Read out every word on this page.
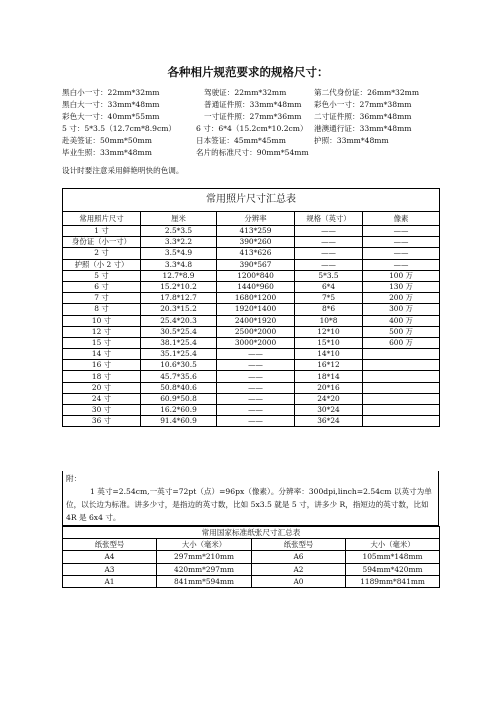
各种相片规范要求的规格尺寸：
黑白小一寸：22mm*32mm	驾驶证：22mm*32mm	第二代身份证：26mm*32mm
黑白大一寸：33mm*48mm	普通证件照：33mm*48mm 彩色小一寸：27mm*38mm
彩色大一寸：40mm*55mm	一寸证件照：27mm*36mm 二寸证件照：36mm*48mm
5 寸：5*3.5（12.7cm*8.9cm）	6 寸：6*4（15.2cm*10.2cm） 港澳通行证：33mm*48mm
赴美签证：50mm*50mm	日本签证：45mm*45mm	护照：33mm*48mm
毕业生照：33mm*48mm	名片的标准尺寸：90mm*54mm
设计时要注意采用鲜艳明快的色调。
常用照片尺寸汇总表				
常用照片尺寸	厘米	分辨率	规格（英寸）	像素
1 寸	2.5*3.5	413*259	——	——
身份证（小一寸）	3.3*2.2	390*260	——	——
2 寸	3.5*4.9	413*626	——	——
护照（小 2 寸）	3.3*4.8	390*567	——	——
5 寸	12.7*8.9	1200*840	5*3.5	100 万
6 寸	15.2*10.2	1440*960	6*4	130 万
7 寸	17.8*12.7	1680*1200	7*5	200 万
8 寸	20.3*15.2	1920*1400	8*6	300 万
10 寸	25.4*20.3	2400*1920	10*8	400 万
12 寸	30.5*25.4	2500*2000	12*10	500 万
15 寸	38.1*25.4	3000*2000	15*10	600 万
14 寸	35.1*25.4	——	14*10	
16 寸	10.6*30.5	——	16*12	
18 寸	45.7*35.6	——	18*14	
20 寸	50.8*40.6	——	20*16	
24 寸	60.9*50.8	——	24*20	
30 寸	16.2*60.9	——	30*24	
36 寸	91.4*60.9	——	36*24	
附：
1 英寸=2.54cm,一英寸=72pt（点）=96px（像素）。分辨率：300dpi,linch=2.54cm 以英寸为单位，以长边为标准。讲多少寸，是指边的英寸数，比如 5x3.5 就是 5 寸，讲多少 R，指短边的英寸数，比如 4R 是 6x4 寸。
常用国家标准纸张尺寸汇总表			
纸张型号	大小（毫米）	纸张型号	大小（毫米）
A4	297mm*210mm	A6	105mm*148mm
A3	420mm*297mm	A2	594mm*420mm
A1	841mm*594mm	A0	1189mm*841mm
